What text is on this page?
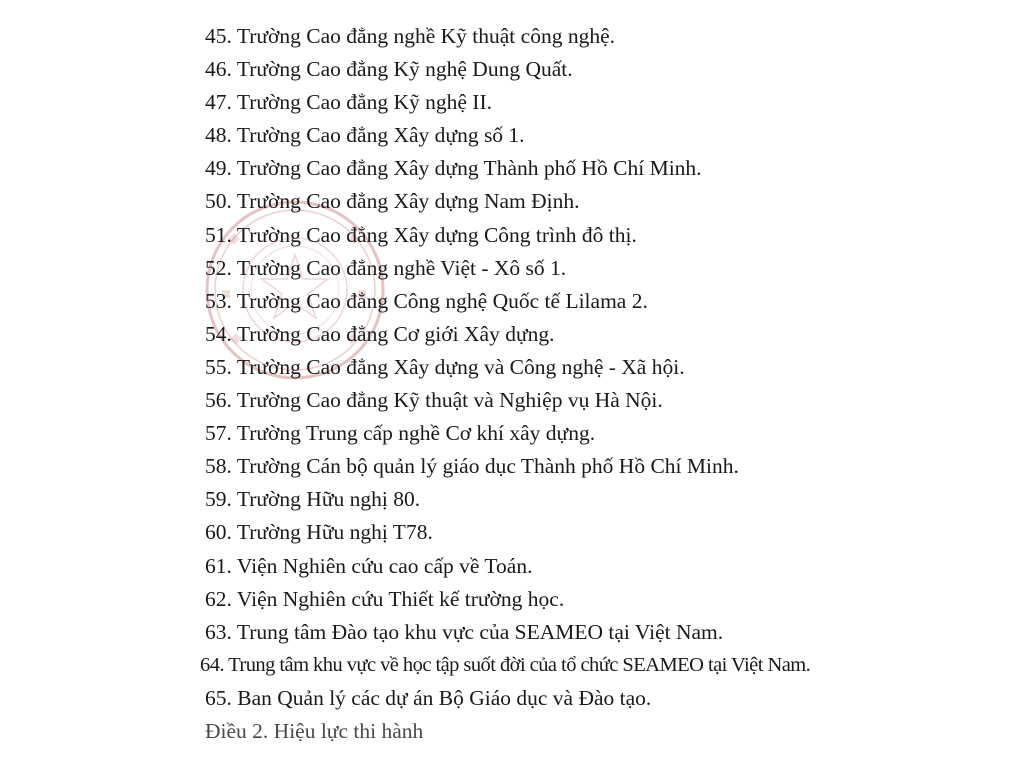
45. Trường Cao đẳng nghề Kỹ thuật công nghệ.
46. Trường Cao đẳng Kỹ nghệ Dung Quất.
47. Trường Cao đẳng Kỹ nghệ II.
48. Trường Cao đẳng Xây dựng số 1.
49. Trường Cao đẳng Xây dựng Thành phố Hồ Chí Minh.
50. Trường Cao đẳng Xây dựng Nam Định.
51. Trường Cao đẳng Xây dựng Công trình đô thị.
52. Trường Cao đẳng nghề Việt - Xô số 1.
53. Trường Cao đẳng Công nghệ Quốc tế Lilama 2.
54. Trường Cao đẳng Cơ giới Xây dựng.
55. Trường Cao đẳng Xây dựng và Công nghệ - Xã hội.
56. Trường Cao đẳng Kỹ thuật và Nghiệp vụ Hà Nội.
57. Trường Trung cấp nghề Cơ khí xây dựng.
58. Trường Cán bộ quản lý giáo dục Thành phố Hồ Chí Minh.
59. Trường Hữu nghị 80.
60. Trường Hữu nghị T78.
61. Viện Nghiên cứu cao cấp về Toán.
62. Viện Nghiên cứu Thiết kế trường học.
63. Trung tâm Đào tạo khu vực của SEAMEO tại Việt Nam.
64. Trung tâm khu vực về học tập suốt đời của tổ chức SEAMEO tại Việt Nam.
65. Ban Quản lý các dự án Bộ Giáo dục và Đào tạo.
Điều 2. Hiệu lực thi hành
